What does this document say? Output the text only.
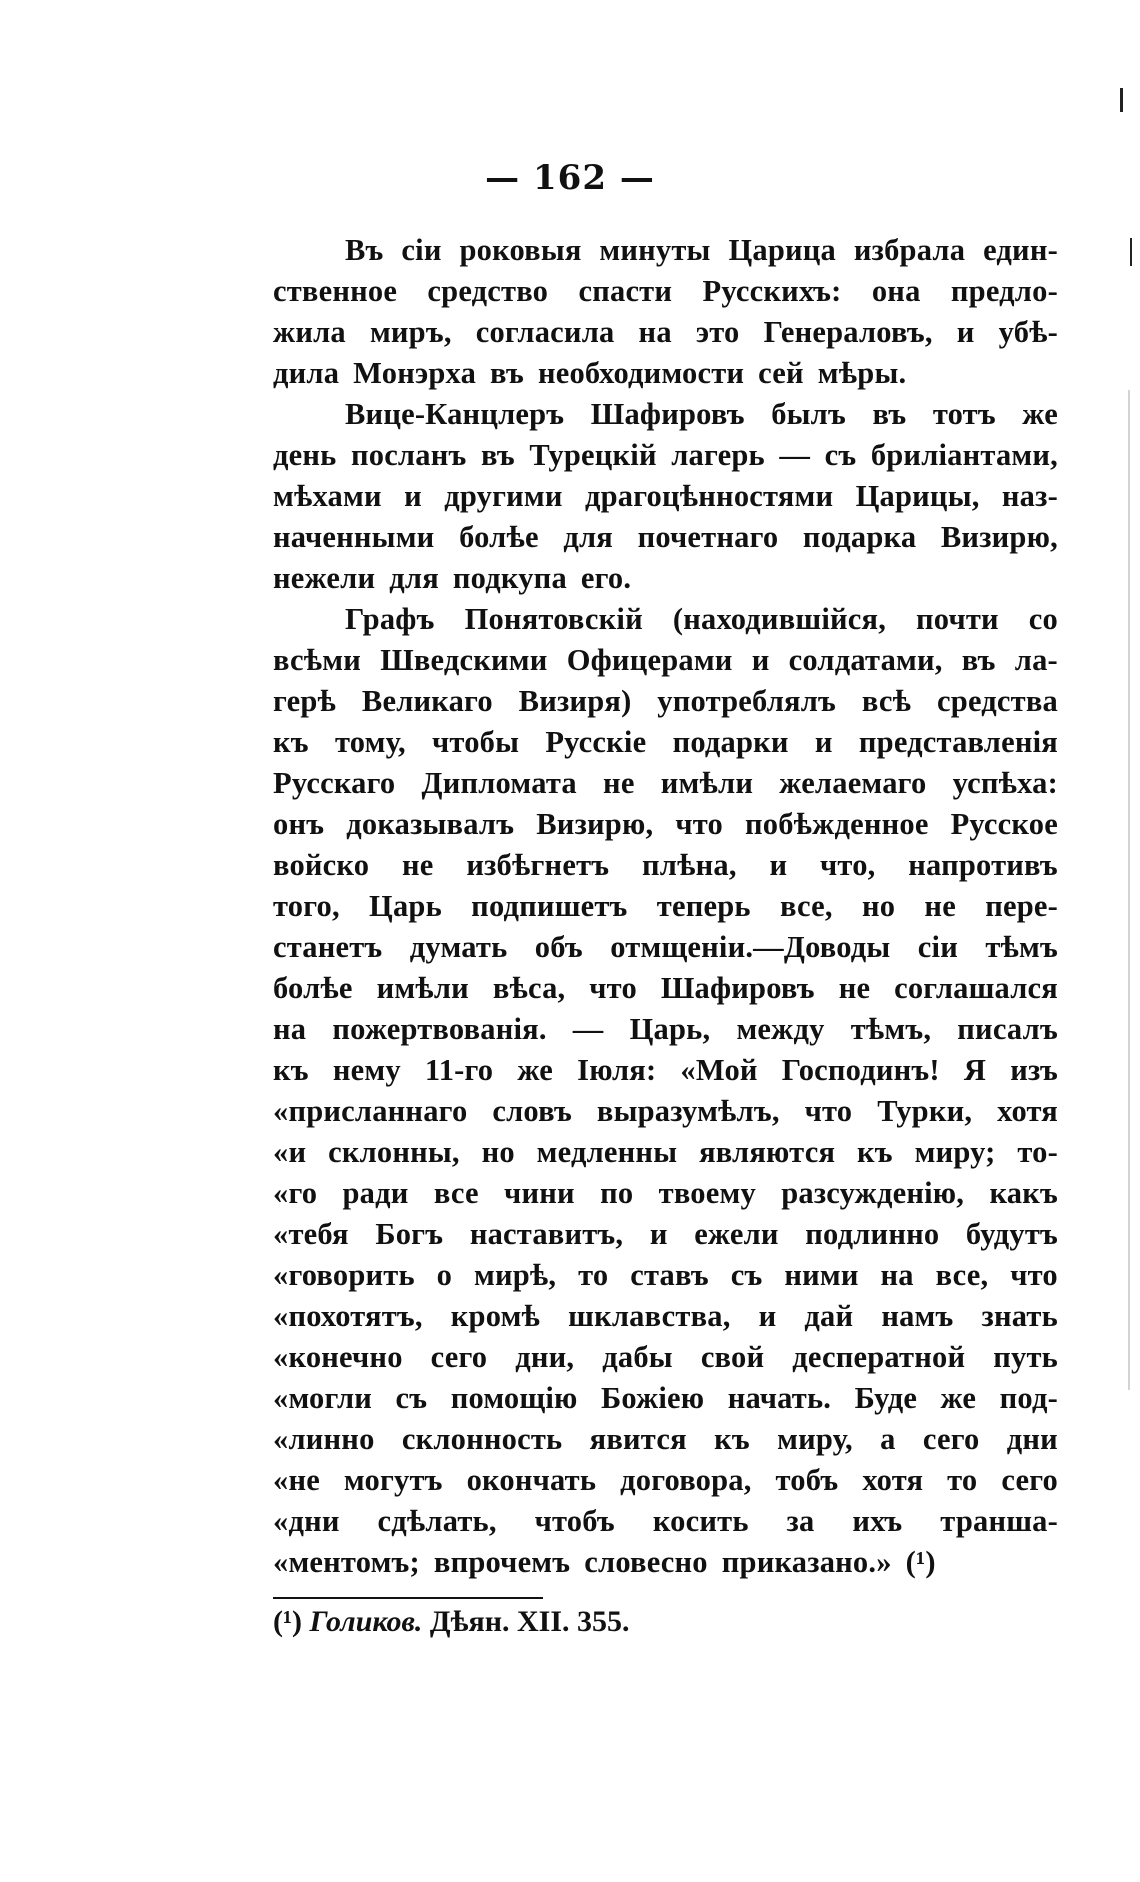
— 162 —
Въ сіи роковыя минуты Царица избрала един-
ственное средство спасти Русскихъ: она предло-
жила миръ, согласила на это Генераловъ, и убѣ-
дила Монэрха въ необходимости сей мѣры.
Вице-Канцлеръ Шафировъ былъ въ тотъ же
день посланъ въ Турецкій лагерь — съ бриліантами,
мѣхами и другими драгоцѣнностями Царицы, наз-
наченными болѣе для почетнаго подарка Визирю,
нежели для подкупа его.
Графъ Понятовскій (находившійся, почти со
всѣми Шведскими Офицерами и солдатами, въ ла-
герѣ Великаго Визиря) употреблялъ всѣ средства
къ тому, чтобы Русскіе подарки и представленія
Русскаго Дипломата не имѣли желаемаго успѣха:
онъ доказывалъ Визирю, что побѣжденное Русское
войско не избѣгнетъ плѣна, и что, напротивъ
того, Царь подпишетъ теперь все, но не пере-
станетъ думать объ отмщеніи.—Доводы сіи тѣмъ
болѣе имѣли вѣса, что Шафировъ не соглашался
на пожертвованія. — Царь, между тѣмъ, писалъ
къ нему 11-го же Іюля: «Мой Господинъ! Я изъ
«присланнаго словъ выразумѣлъ, что Турки, хотя
«и склонны, но медленны являются къ миру; то-
«го ради все чини по твоему разсужденію, какъ
«тебя Богъ наставитъ, и ежели подлинно будутъ
«говорить о мирѣ, то ставъ съ ними на все, что
«похотятъ, кромѣ шклавства, и дай намъ знать
«конечно сего дни, дабы свой десператной путь
«могли съ помощію Божіею начать. Буде же под-
«линно склонность явится къ миру, а сего дни
«не могутъ окончать договора, тобъ хотя то сего
«дни сдѣлать, чтобъ косить за ихъ транша-
«ментомъ; впрочемъ словесно приказано.» (¹)
(¹) Голиков. Дѣян. XII. 355.
